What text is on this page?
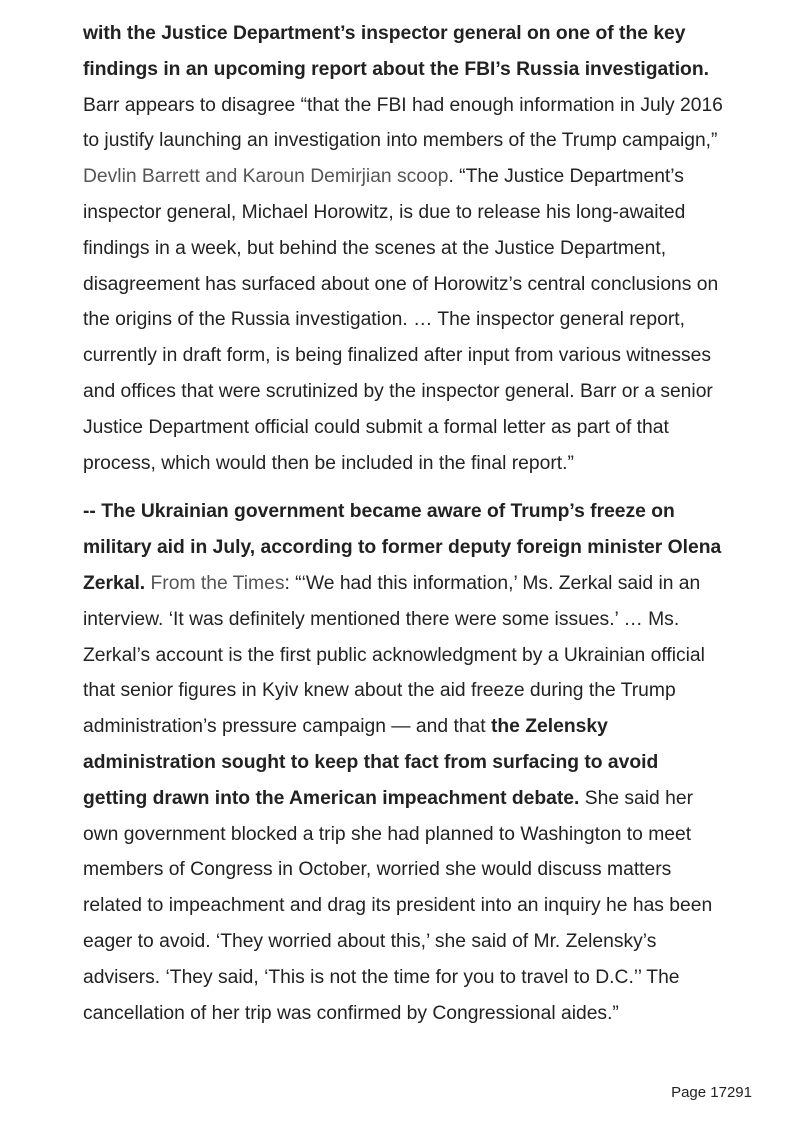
with the Justice Department’s inspector general on one of the key findings in an upcoming report about the FBI’s Russia investigation. Barr appears to disagree “that the FBI had enough information in July 2016 to justify launching an investigation into members of the Trump campaign,” Devlin Barrett and Karoun Demirjian scoop. “The Justice Department’s inspector general, Michael Horowitz, is due to release his long-awaited findings in a week, but behind the scenes at the Justice Department, disagreement has surfaced about one of Horowitz’s central conclusions on the origins of the Russia investigation. … The inspector general report, currently in draft form, is being finalized after input from various witnesses and offices that were scrutinized by the inspector general. Barr or a senior Justice Department official could submit a formal letter as part of that process, which would then be included in the final report.”

-- The Ukrainian government became aware of Trump’s freeze on military aid in July, according to former deputy foreign minister Olena Zerkal. From the Times: “‘We had this information,’ Ms. Zerkal said in an interview. ‘It was definitely mentioned there were some issues.’ … Ms. Zerkal’s account is the first public acknowledgment by a Ukrainian official that senior figures in Kyiv knew about the aid freeze during the Trump administration’s pressure campaign — and that the Zelensky administration sought to keep that fact from surfacing to avoid getting drawn into the American impeachment debate. She said her own government blocked a trip she had planned to Washington to meet members of Congress in October, worried she would discuss matters related to impeachment and drag its president into an inquiry he has been eager to avoid. ‘They worried about this,’ she said of Mr. Zelensky’s advisers. ‘They said, ‘This is not the time for you to travel to D.C.’’ The cancellation of her trip was confirmed by Congressional aides.”

Page 17291
